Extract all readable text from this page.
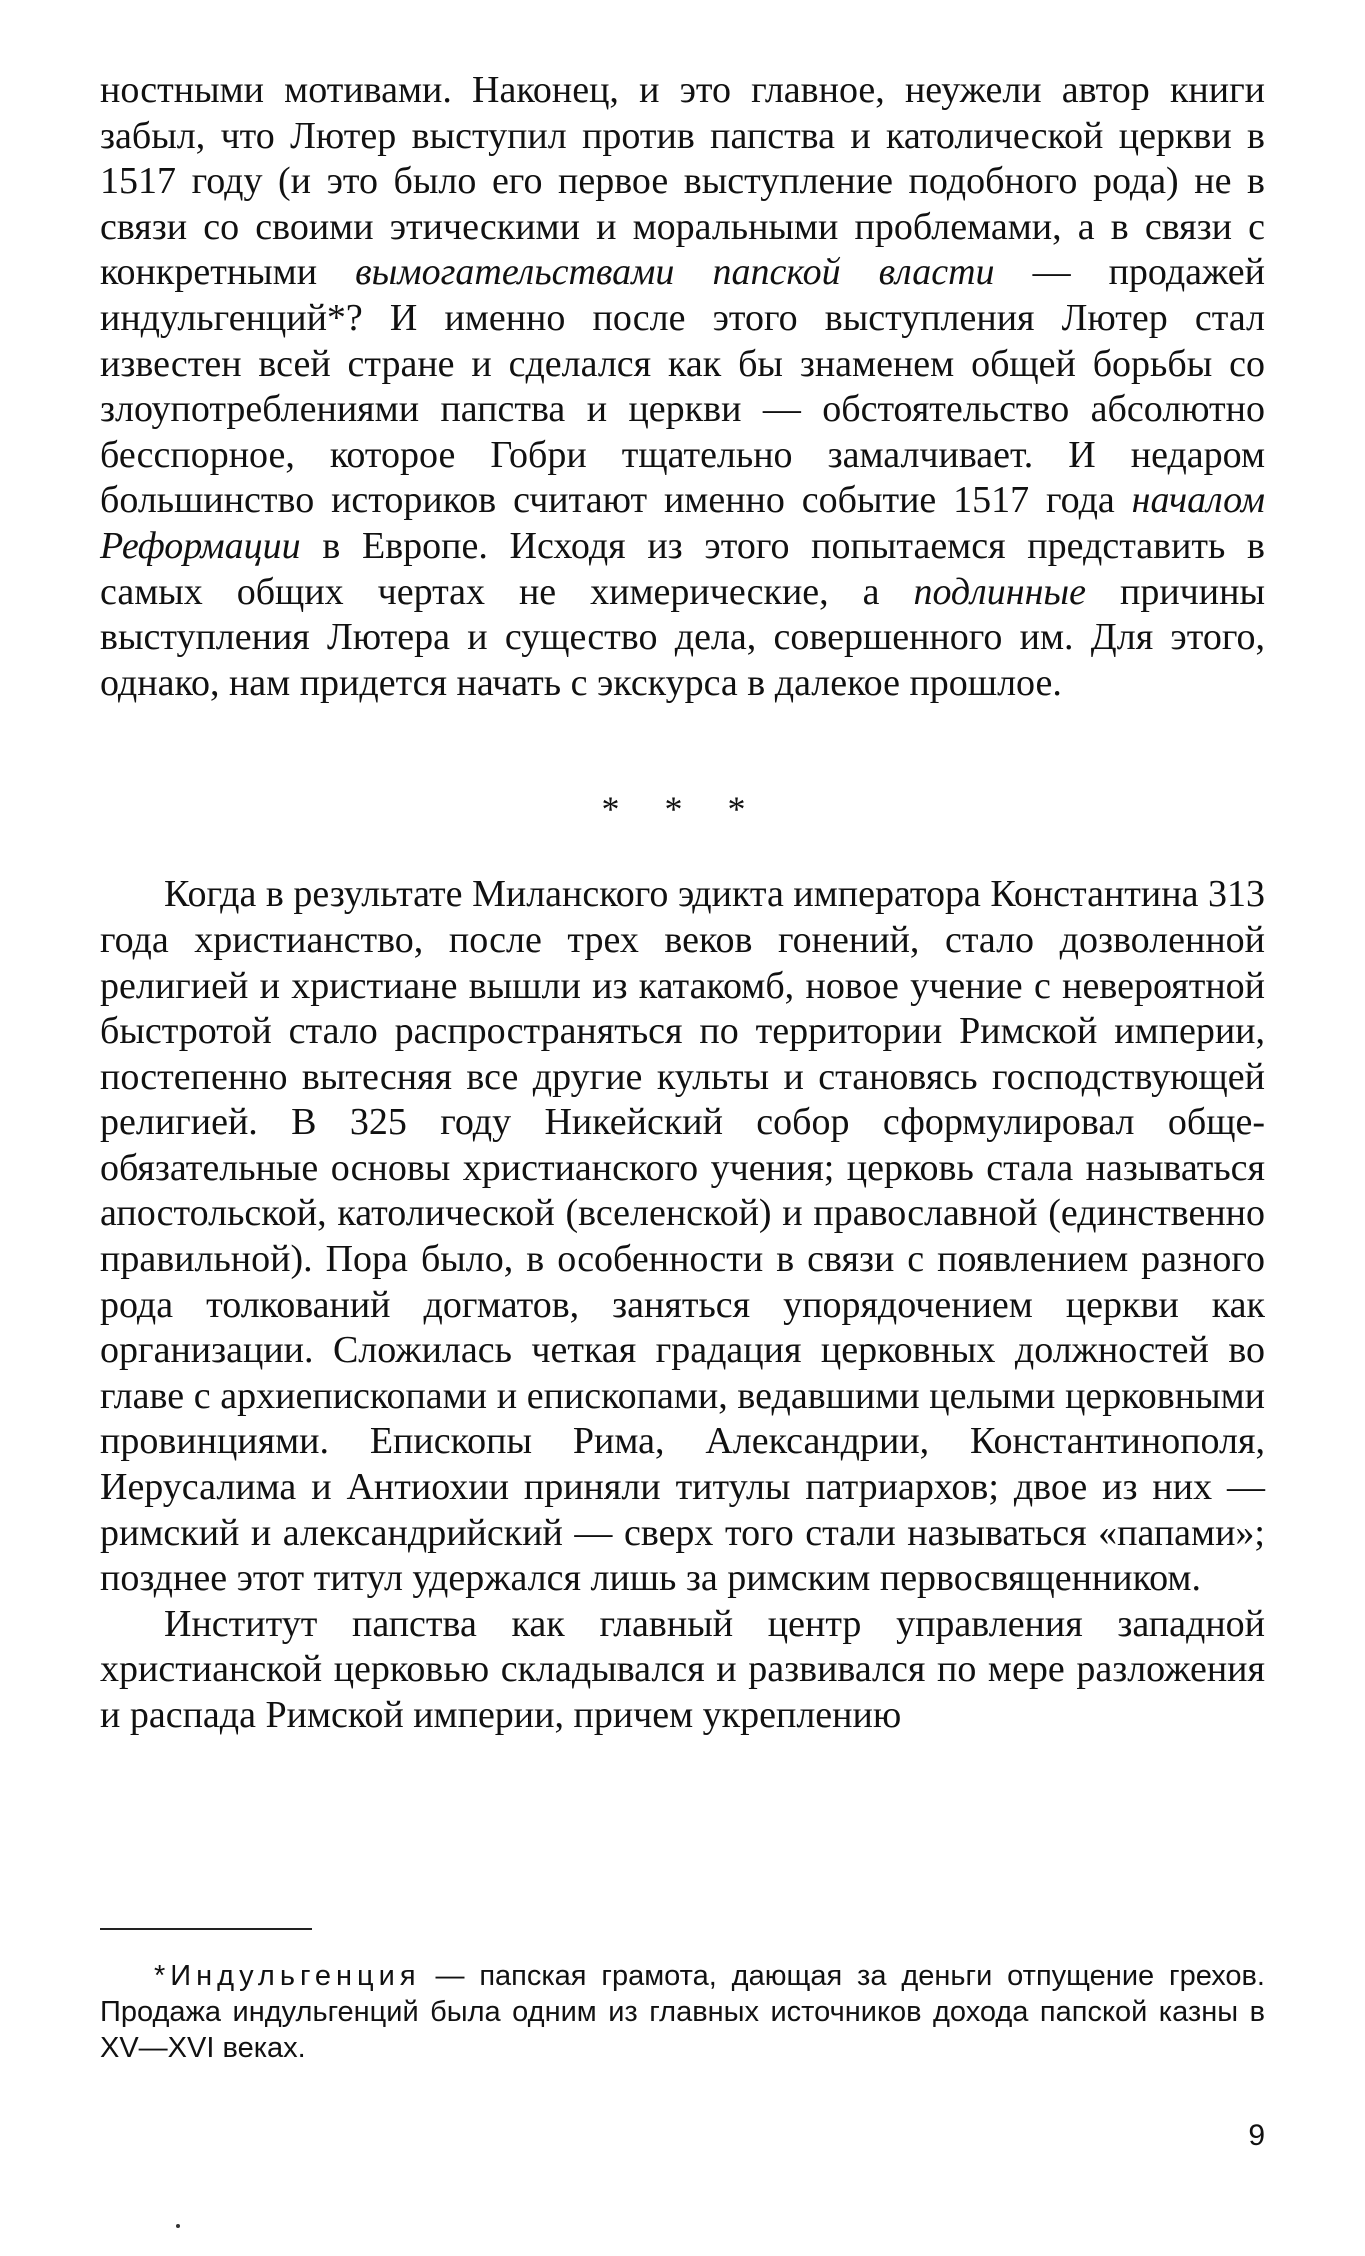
ностными мотивами. Наконец, и это главное, неужели автор книги забыл, что Лютер выступил против папства и католической церкви в 1517 году (и это было его первое выступление подобного рода) не в связи со своими этическими и моральными проблемами, а в связи с конкретными вымогательствами папской власти — продажей индульгенций*? И именно после этого выступления Лютер стал известен всей стране и сделался как бы знаменем общей борьбы со злоупотреблениями папства и церкви — обстоятельство абсолютно бесспорное, которое Гобри тщательно замалчивает. И недаром большинство историков считают именно событие 1517 года началом Реформации в Европе. Исходя из этого попытаемся представить в самых общих чертах не химерические, а подлинные причины выступления Лютера и существо дела, совершенного им. Для этого, однако, нам придется начать с экскурса в далекое прошлое.

* * *

Когда в результате Миланского эдикта императора Константина 313 года христианство, после трех веков гонений, стало дозволенной религией и христиане вышли из катакомб, новое учение с невероятной быстротой стало распространяться по территории Римской империи, постепенно вытесняя все другие культы и становясь господствующей религией. В 325 году Никейский собор сформулировал общеобязательные основы христианского учения; церковь стала называться апостольской, католической (вселенской) и православной (единственно правильной). Пора было, в особенности в связи с появлением разного рода толкований догматов, заняться упорядочением церкви как организации. Сложилась четкая градация церковных должностей во главе с архиепископами и епископами, ведавшими целыми церковными провинциями. Епископы Рима, Александрии, Константинополя, Иерусалима и Антиохии приняли титулы патриархов; двое из них — римский и александрийский — сверх того стали называться «папами»; позднее этот титул удержался лишь за римским первосвященником.

Институт папства как главный центр управления западной христианской церковью складывался и развивался по мере разложения и распада Римской империи, причем укреплению

*Индульгенция — папская грамота, дающая за деньги отпущение грехов. Продажа индульгенций была одним из главных источников дохода папской казны в XV—XVI веках.

9
